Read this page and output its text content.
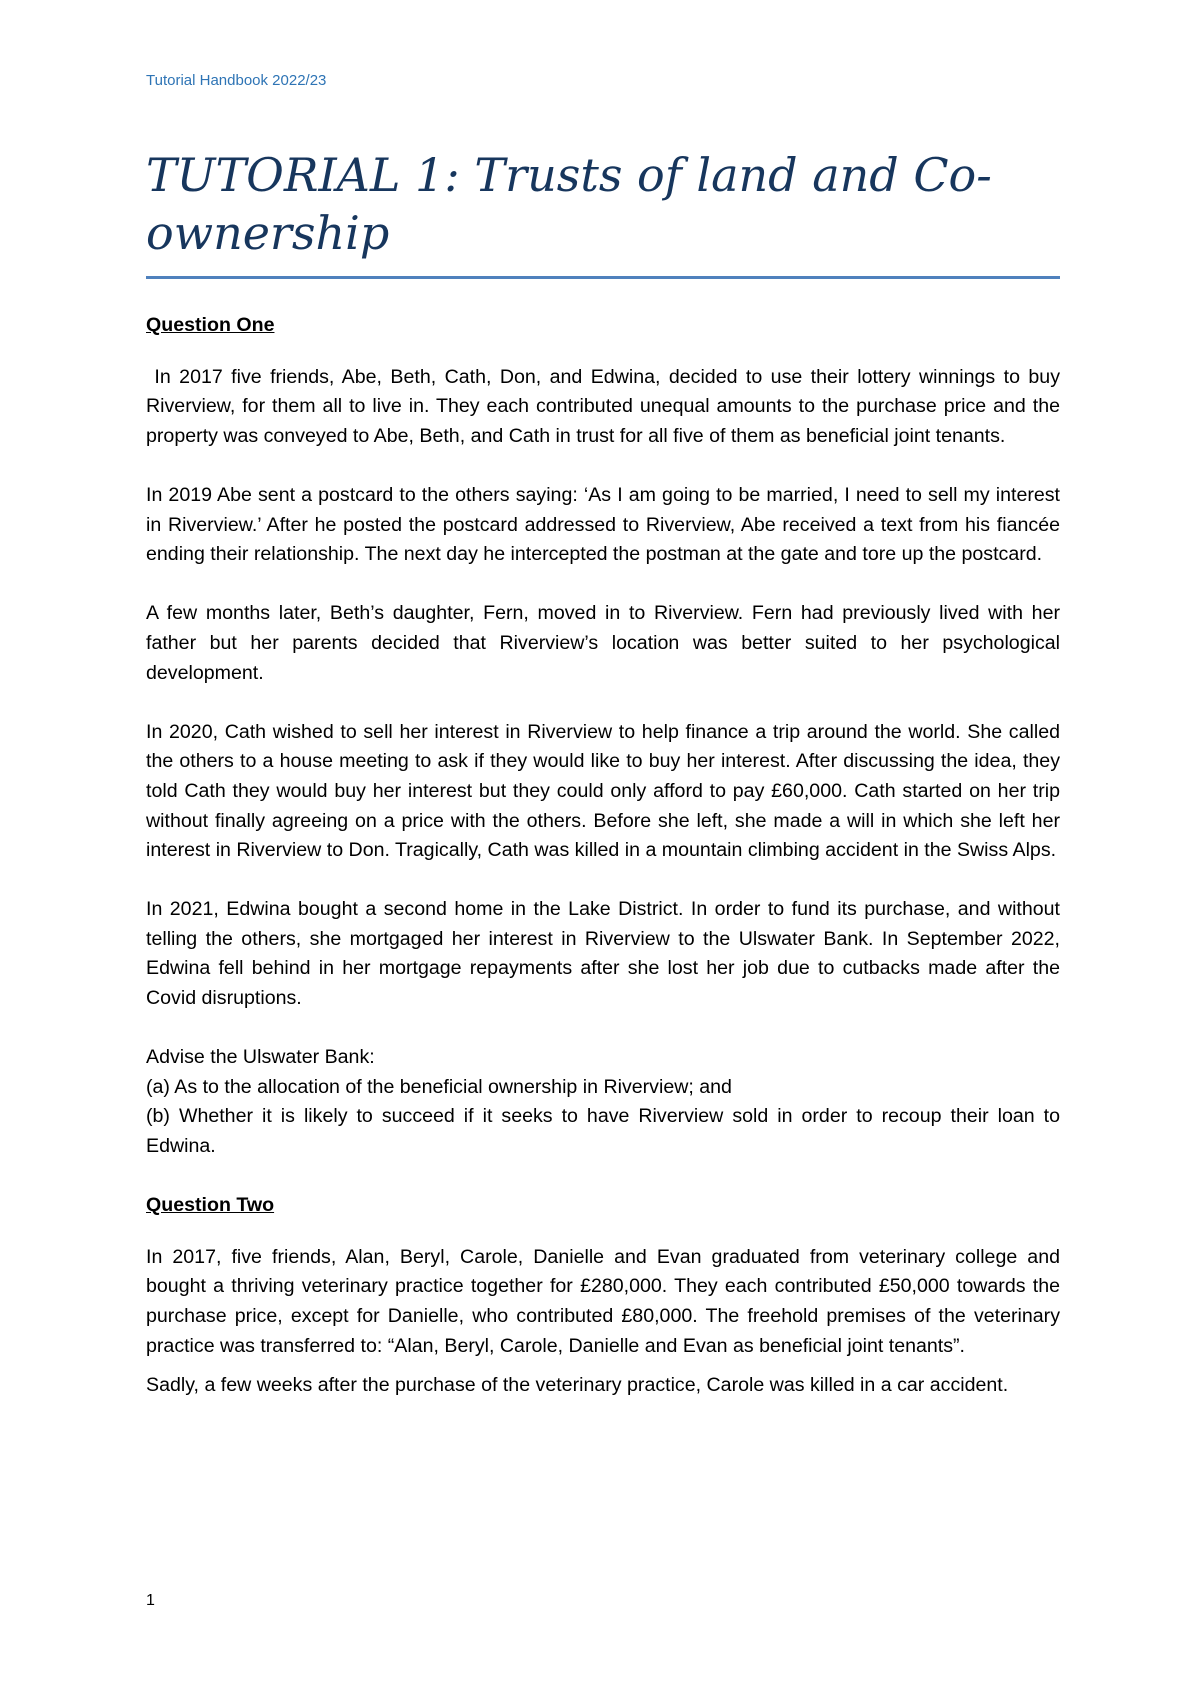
Tutorial Handbook 2022/23
TUTORIAL 1: Trusts of land and Co-ownership

Question One

In 2017 five friends, Abe, Beth, Cath, Don, and Edwina, decided to use their lottery winnings to buy Riverview, for them all to live in. They each contributed unequal amounts to the purchase price and the property was conveyed to Abe, Beth, and Cath in trust for all five of them as beneficial joint tenants.

In 2019 Abe sent a postcard to the others saying: ‘As I am going to be married, I need to sell my interest in Riverview.’ After he posted the postcard addressed to Riverview, Abe received a text from his fiancée ending their relationship. The next day he intercepted the postman at the gate and tore up the postcard.

A few months later, Beth’s daughter, Fern, moved in to Riverview. Fern had previously lived with her father but her parents decided that Riverview’s location was better suited to her psychological development.

In 2020, Cath wished to sell her interest in Riverview to help finance a trip around the world. She called the others to a house meeting to ask if they would like to buy her interest. After discussing the idea, they told Cath they would buy her interest but they could only afford to pay £60,000. Cath started on her trip without finally agreeing on a price with the others. Before she left, she made a will in which she left her interest in Riverview to Don. Tragically, Cath was killed in a mountain climbing accident in the Swiss Alps.

In 2021, Edwina bought a second home in the Lake District. In order to fund its purchase, and without telling the others, she mortgaged her interest in Riverview to the Ulswater Bank. In September 2022, Edwina fell behind in her mortgage repayments after she lost her job due to cutbacks made after the Covid disruptions.

Advise the Ulswater Bank:

(a) As to the allocation of the beneficial ownership in Riverview; and

(b) Whether it is likely to succeed if it seeks to have Riverview sold in order to recoup their loan to Edwina.

Question Two

In 2017, five friends, Alan, Beryl, Carole, Danielle and Evan graduated from veterinary college and bought a thriving veterinary practice together for £280,000. They each contributed £50,000 towards the purchase price, except for Danielle, who contributed £80,000. The freehold premises of the veterinary practice was transferred to: “Alan, Beryl, Carole, Danielle and Evan as beneficial joint tenants”.

Sadly, a few weeks after the purchase of the veterinary practice, Carole was killed in a car accident.

1
